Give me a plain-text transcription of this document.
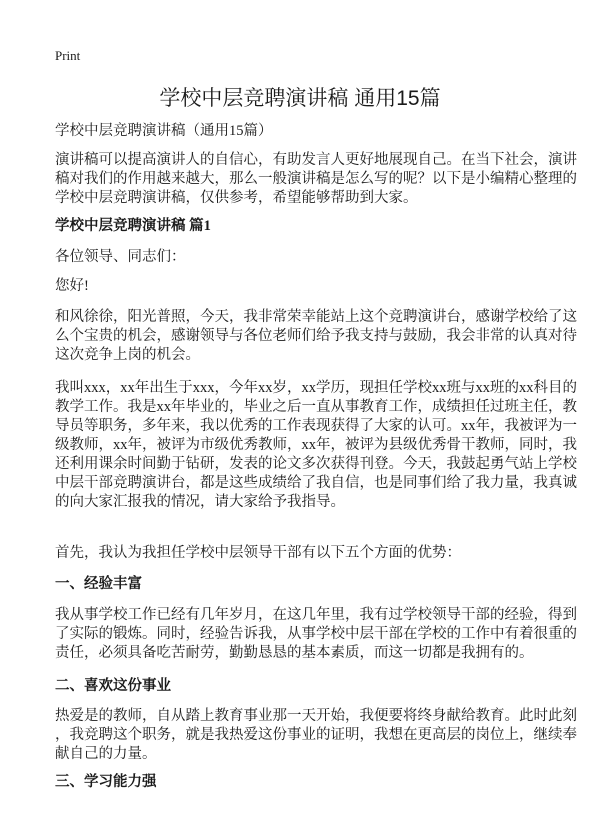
Print
学校中层竞聘演讲稿 通用15篇
学校中层竞聘演讲稿（通用15篇）
演讲稿可以提高演讲人的自信心，有助发言人更好地展现自己。在当下社会，演讲
稿对我们的作用越来越大，那么一般演讲稿是怎么写的呢？以下是小编精心整理的
学校中层竞聘演讲稿，仅供参考，希望能够帮助到大家。
学校中层竞聘演讲稿 篇1
各位领导、同志们：
您好!
和风徐徐，阳光普照，今天，我非常荣幸能站上这个竞聘演讲台，感谢学校给了这
么个宝贵的机会，感谢领导与各位老师们给予我支持与鼓励，我会非常的认真对待
这次竞争上岗的机会。
我叫xxx，xx年出生于xxx，今年xx岁，xx学历，现担任学校xx班与xx班的xx科目的
教学工作。我是xx年毕业的，毕业之后一直从事教育工作，成绩担任过班主任，教
导员等职务，多年来，我以优秀的工作表现获得了大家的认可。xx年，我被评为一
级教师，xx年，被评为市级优秀教师，xx年，被评为县级优秀骨干教师，同时，我
还利用课余时间勤于钻研，发表的论文多次获得刊登。今天，我鼓起勇气站上学校
中层干部竞聘演讲台，都是这些成绩给了我自信，也是同事们给了我力量，我真诚
的向大家汇报我的情况，请大家给予我指导。
首先，我认为我担任学校中层领导干部有以下五个方面的优势：
一、经验丰富
我从事学校工作已经有几年岁月，在这几年里，我有过学校领导干部的经验，得到
了实际的锻炼。同时，经验告诉我，从事学校中层干部在学校的工作中有着很重的
责任，必须具备吃苦耐劳，勤勤恳恳的基本素质，而这一切都是我拥有的。
二、喜欢这份事业
热爱是的教师，自从踏上教育事业那一天开始，我便要将终身献给教育。此时此刻
，我竞聘这个职务，就是我热爱这份事业的证明，我想在更高层的岗位上，继续奉
献自己的力量。
三、学习能力强
